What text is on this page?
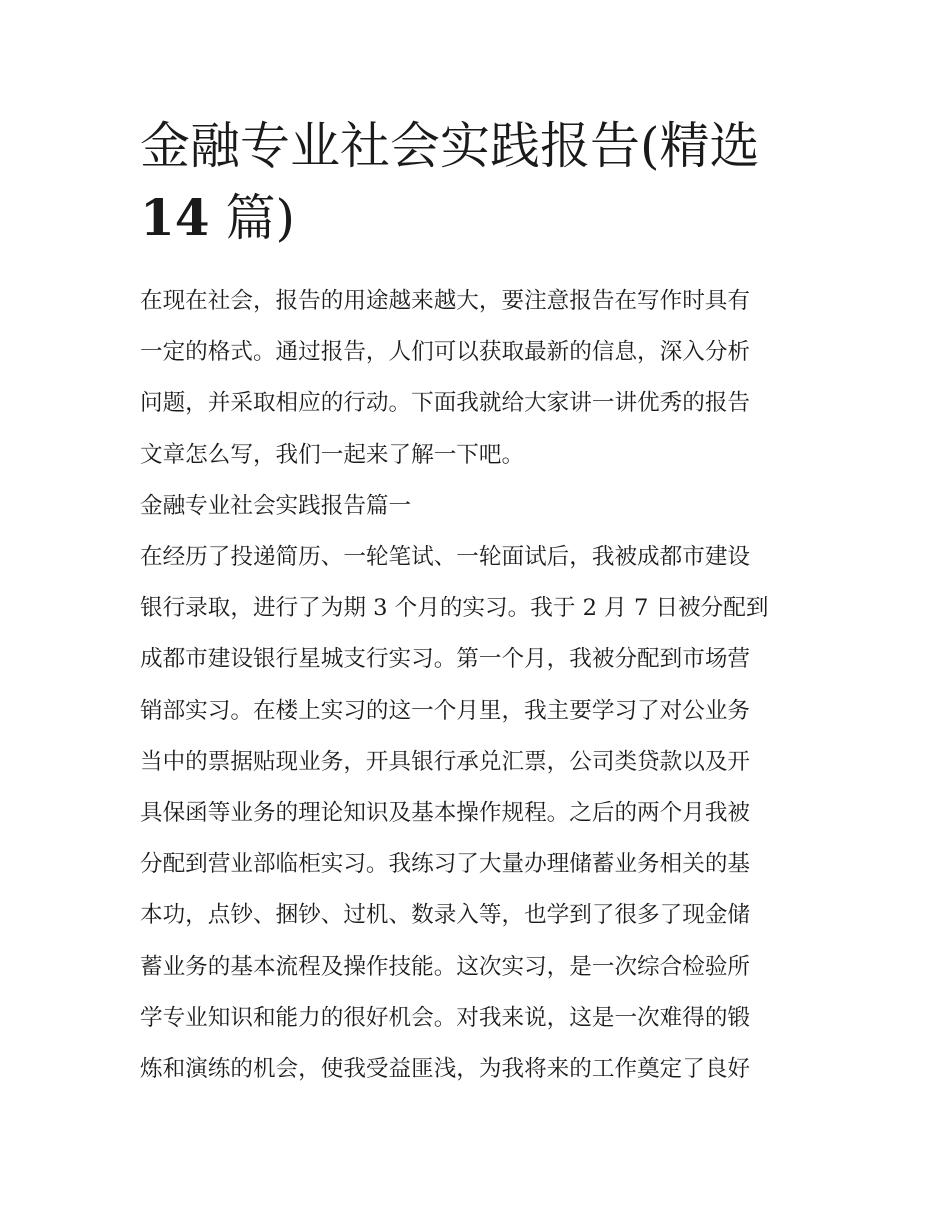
金融专业社会实践报告(精选
14 篇)

在现在社会，报告的用途越来越大，要注意报告在写作时具有
一定的格式。通过报告，人们可以获取最新的信息，深入分析
问题，并采取相应的行动。下面我就给大家讲一讲优秀的报告
文章怎么写，我们一起来了解一下吧。

金融专业社会实践报告篇一

在经历了投递简历、一轮笔试、一轮面试后，我被成都市建设
银行录取，进行了为期 3 个月的实习。我于 2 月 7 日被分配到
成都市建设银行星城支行实习。第一个月，我被分配到市场营
销部实习。在楼上实习的这一个月里，我主要学习了对公业务
当中的票据贴现业务，开具银行承兑汇票，公司类贷款以及开
具保函等业务的理论知识及基本操作规程。之后的两个月我被
分配到营业部临柜实习。我练习了大量办理储蓄业务相关的基
本功，点钞、捆钞、过机、数录入等，也学到了很多了现金储
蓄业务的基本流程及操作技能。这次实习，是一次综合检验所
学专业知识和能力的很好机会。对我来说，这是一次难得的锻
炼和演练的机会，使我受益匪浅，为我将来的工作奠定了良好
